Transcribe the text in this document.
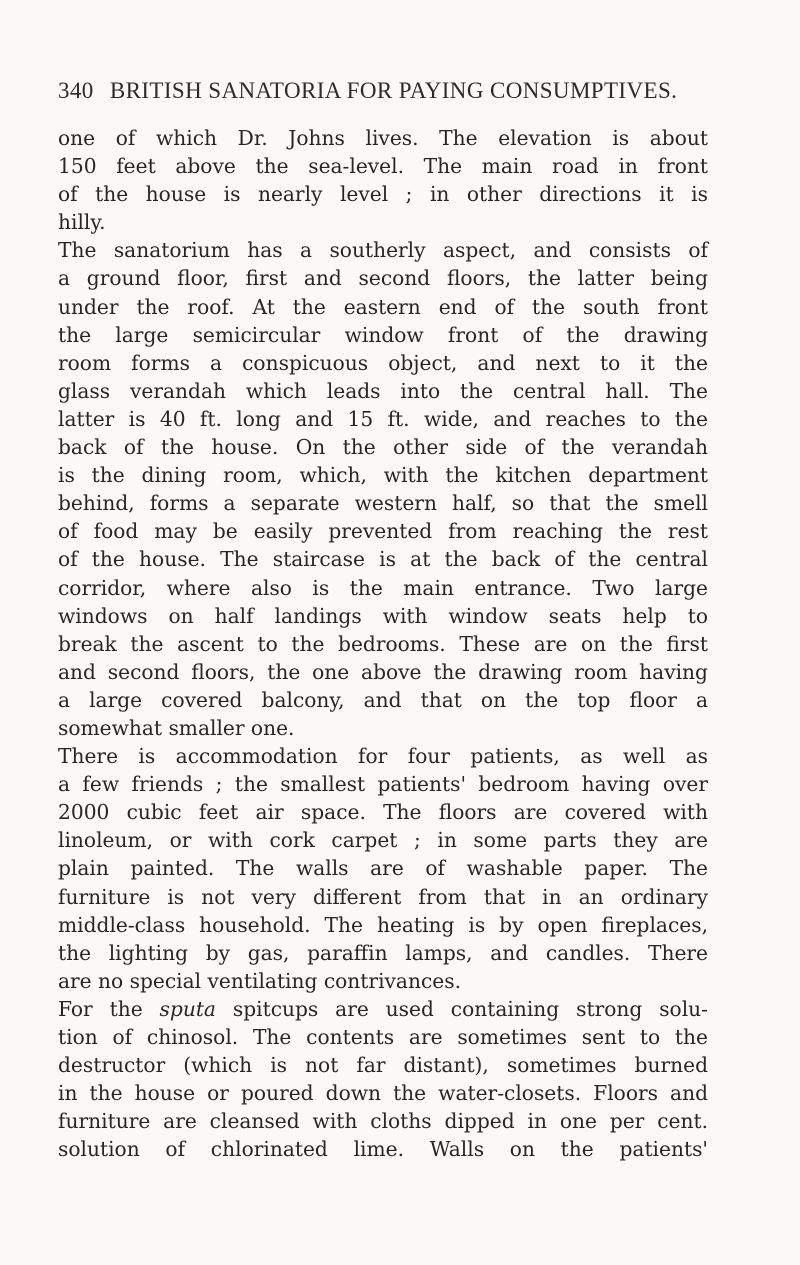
340 BRITISH SANATORIA FOR PAYING CONSUMPTIVES.

one of which Dr. Johns lives. The elevation is about
150 feet above the sea-level. The main road in front
of the house is nearly level ; in other directions it is
hilly.

The sanatorium has a southerly aspect, and consists of
a ground floor, first and second floors, the latter being
under the roof. At the eastern end of the south front
the large semicircular window front of the drawing
room forms a conspicuous object, and next to it the
glass verandah which leads into the central hall. The
latter is 40 ft. long and 15 ft. wide, and reaches to the
back of the house. On the other side of the verandah
is the dining room, which, with the kitchen department
behind, forms a separate western half, so that the smell
of food may be easily prevented from reaching the rest
of the house. The staircase is at the back of the central
corridor, where also is the main entrance. Two large
windows on half landings with window seats help to
break the ascent to the bedrooms. These are on the first
and second floors, the one above the drawing room having
a large covered balcony, and that on the top floor a
somewhat smaller one.

There is accommodation for four patients, as well as
a few friends ; the smallest patients' bedroom having over
2000 cubic feet air space. The floors are covered with
linoleum, or with cork carpet ; in some parts they are
plain painted. The walls are of washable paper. The
furniture is not very different from that in an ordinary
middle-class household. The heating is by open fireplaces,
the lighting by gas, paraffin lamps, and candles. There
are no special ventilating contrivances.

For the sputa spitcups are used containing strong solu-
tion of chinosol. The contents are sometimes sent to the
destructor (which is not far distant), sometimes burned
in the house or poured down the water-closets. Floors and
furniture are cleansed with cloths dipped in one per cent.
solution of chlorinated lime. Walls on the patients'
